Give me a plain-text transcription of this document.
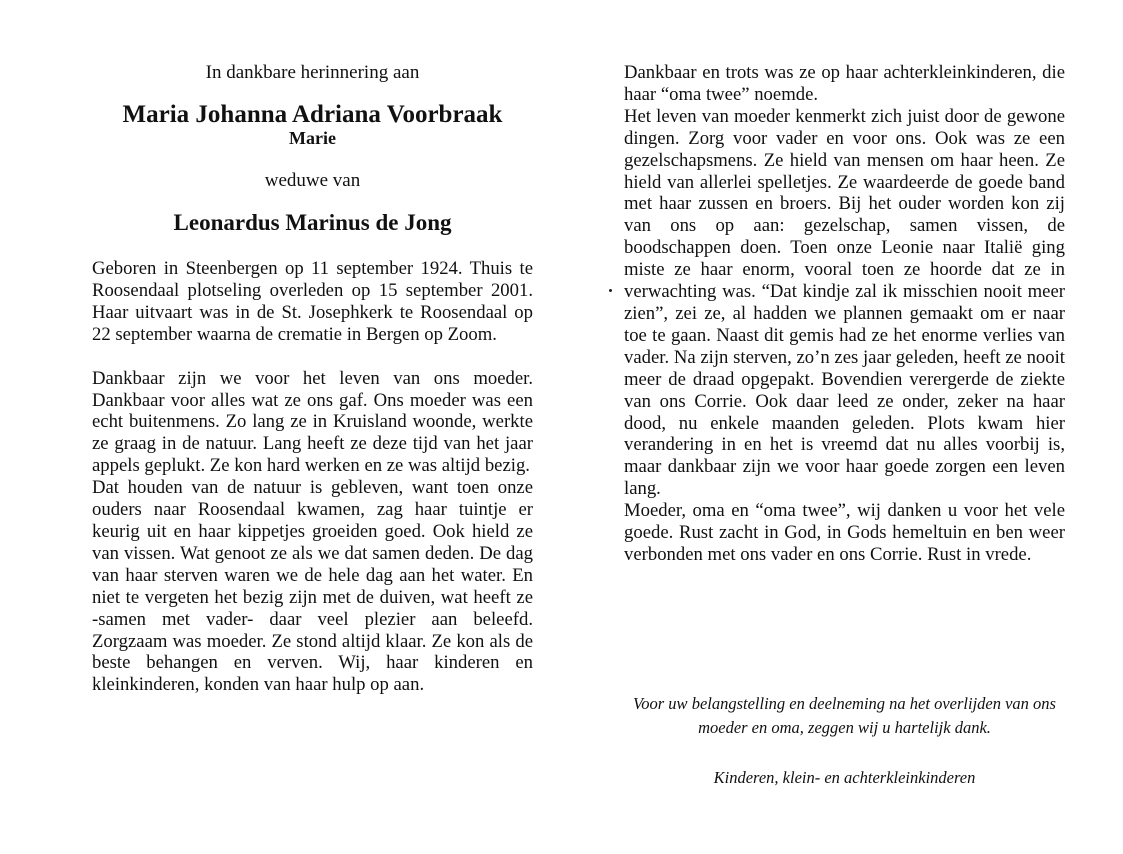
In dankbare herinnering aan

Maria Johanna Adriana Voorbraak

Marie

weduwe van

Leonardus Marinus de Jong

Geboren in Steenbergen op 11 september 1924. Thuis te Roosendaal plotseling overleden op 15 september 2001. Haar uitvaart was in de St. Josephkerk te Roosendaal op 22 september waarna de crematie in Bergen op Zoom.

Dankbaar zijn we voor het leven van ons moeder. Dankbaar voor alles wat ze ons gaf. Ons moeder was een echt buitenmens. Zo lang ze in Kruisland woonde, werkte ze graag in de natuur. Lang heeft ze deze tijd van het jaar appels geplukt. Ze kon hard werken en ze was altijd bezig.

Dat houden van de natuur is gebleven, want toen onze ouders naar Roosendaal kwamen, zag haar tuintje er keurig uit en haar kippetjes groeiden goed. Ook hield ze van vissen. Wat genoot ze als we dat samen deden. De dag van haar sterven waren we de hele dag aan het water. En niet te vergeten het bezig zijn met de duiven, wat heeft ze -samen met vader- daar veel plezier aan beleefd. Zorgzaam was moeder. Ze stond altijd klaar. Ze kon als de beste behangen en verven. Wij, haar kinderen en kleinkinderen, konden van haar hulp op aan.

Dankbaar en trots was ze op haar achterkleinkinderen, die haar “oma twee” noemde.

Het leven van moeder kenmerkt zich juist door de gewone dingen. Zorg voor vader en voor ons. Ook was ze een gezelschapsmens. Ze hield van mensen om haar heen. Ze hield van allerlei spelletjes. Ze waardeerde de goede band met haar zussen en broers. Bij het ouder worden kon zij van ons op aan: gezelschap, samen vissen, de boodschappen doen. Toen onze Leonie naar Italië ging miste ze haar enorm, vooral toen ze hoorde dat ze in verwachting was. “Dat kindje zal ik misschien nooit meer zien”, zei ze, al hadden we plannen gemaakt om er naar toe te gaan. Naast dit gemis had ze het enorme verlies van vader. Na zijn sterven, zo’n zes jaar geleden, heeft ze nooit meer de draad opgepakt. Bovendien verergerde de ziekte van ons Corrie. Ook daar leed ze onder, zeker na haar dood, nu enkele maanden geleden. Plots kwam hier verandering in en het is vreemd dat nu alles voorbij is, maar dankbaar zijn we voor haar goede zorgen een leven lang.

Moeder, oma en “oma twee”, wij danken u voor het vele goede. Rust zacht in God, in Gods hemeltuin en ben weer verbonden met ons vader en ons Corrie. Rust in vrede.

Voor uw belangstelling en deelneming na het overlijden van ons moeder en oma, zeggen wij u hartelijk dank.

Kinderen, klein- en achterkleinkinderen
